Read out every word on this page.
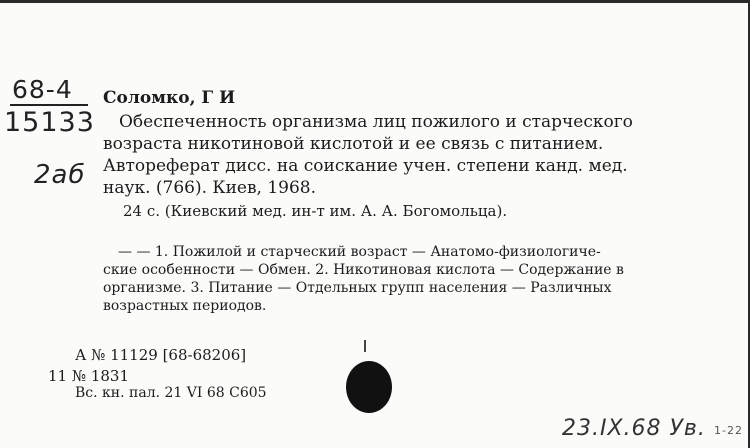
68-4
15133
2аб
Соломко, Г И
Обеспеченность организма лиц пожилого и старческого
возраста никотиновой кислотой и ее связь с питанием.
Автореферат дисс. на соискание учен. степени канд. мед.
наук. (766). Киев, 1968.
24 с. (Киевский мед. ин-т им. А. А. Богомольца).
— — 1. Пожилой и старческий возраст — Анатомо-физиологиче-
ские особенности — Обмен. 2. Никотиновая кислота — Содержание в
организме. 3. Питание — Отдельных групп населения — Различных
возрастных периодов.
А № 11129 [68-68206]
11 № 1831
Вс. кн. пал. 21 VI 68 С605
23.ІХ.68 Ув. 1-22
